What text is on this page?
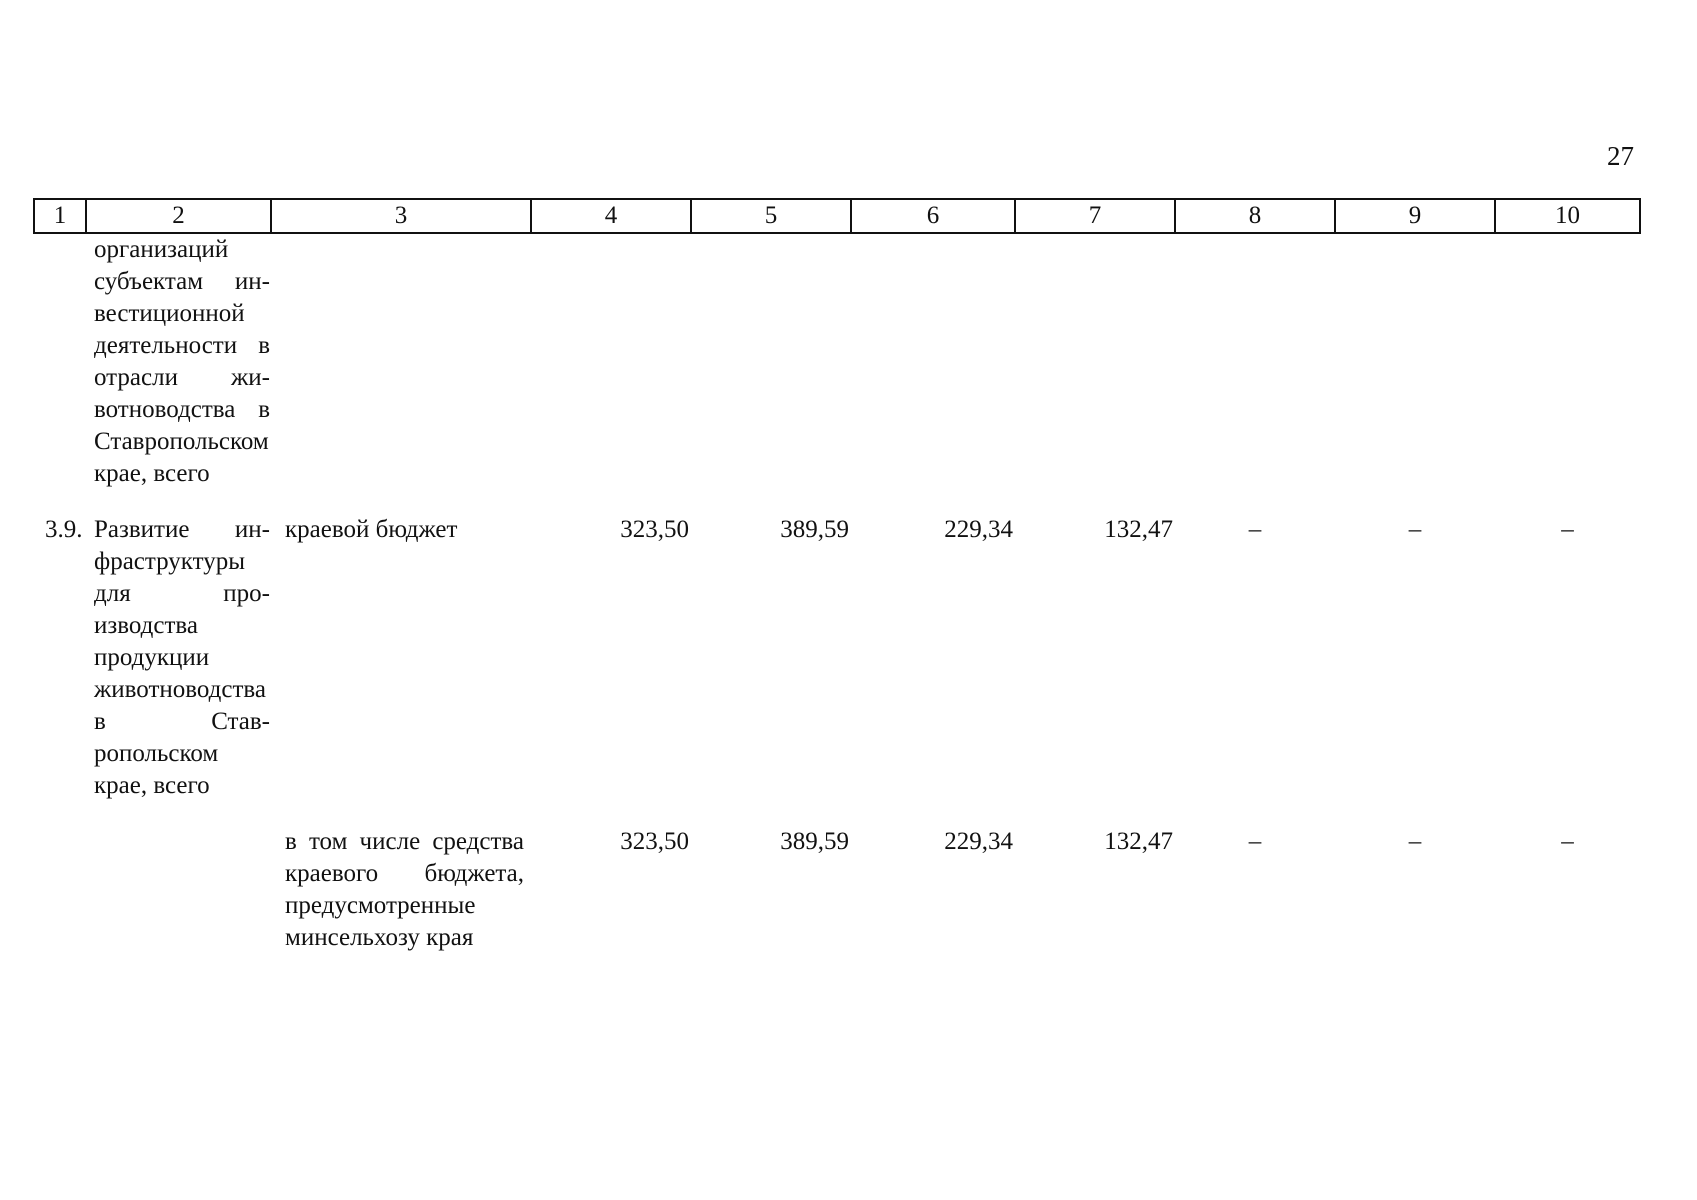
27
1	2	3	4	5	6	7	8	9	10

	организаций субъектам инвестиционной деятельности в отрасли животноводства в Ставропольском крае, всего								

3.9.	Развитие инфраструктуры для производства продукции животноводства в Ставропольском крае, всего	краевой бюджет	323,50	389,59	229,34	132,47	–	–	–

		в том числе средства краевого бюджета, предусмотренные минсельхозу края	323,50	389,59	229,34	132,47	–	–	–
